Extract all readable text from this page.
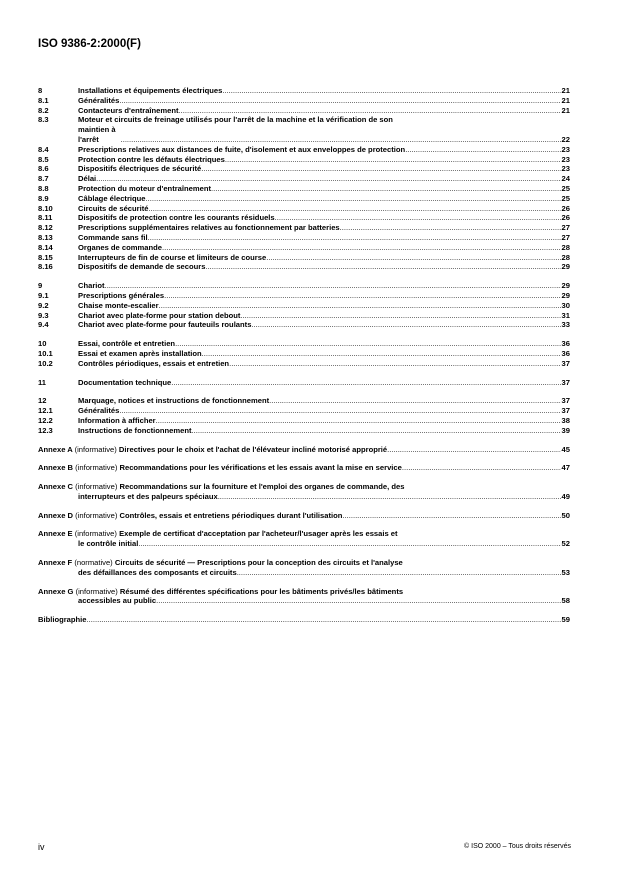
ISO 9386-2:2000(F)
8	Installations et équipements électriques .....	21
8.1	Généralités .....	21
8.2	Contacteurs d'entraînement .....	21
8.3	Moteur et circuits de freinage utilisés pour l'arrêt de la machine et la vérification de son
maintien à l'arrêt .....	22
8.4	Prescriptions relatives aux distances de fuite, d'isolement et aux enveloppes de protection .....	23
8.5	Protection contre les défauts électriques .....	23
8.6	Dispositifs électriques de sécurité .....	23
8.7	Délai .....	24
8.8	Protection du moteur d'entraînement .....	25
8.9	Câblage électrique .....	25
8.10	Circuits de sécurité .....	26
8.11	Dispositifs de protection contre les courants résiduels .....	26
8.12	Prescriptions supplémentaires relatives au fonctionnement par batteries .....	27
8.13	Commande sans fil .....	27
8.14	Organes de commande .....	28
8.15	Interrupteurs de fin de course et limiteurs de course .....	28
8.16	Dispositifs de demande de secours .....	29
9	Chariot .....	29
9.1	Prescriptions générales .....	29
9.2	Chaise monte-escalier .....	30
9.3	Chariot avec plate-forme pour station debout .....	31
9.4	Chariot avec plate-forme pour fauteuils roulants .....	33
10	Essai, contrôle et entretien .....	36
10.1	Essai et examen après installation .....	36
10.2	Contrôles périodiques, essais et entretien .....	37
11	Documentation technique .....	37
12	Marquage, notices et instructions de fonctionnement .....	37
12.1	Généralités .....	37
12.2	Information à afficher .....	38
12.3	Instructions de fonctionnement .....	39
Annexe A (informative) Directives pour le choix et l'achat de l'élévateur incliné motorisé approprié .....	45
Annexe B (informative) Recommandations pour les vérifications et les essais avant la mise en service .....	47
Annexe C (informative) Recommandations sur la fourniture et l'emploi des organes de commande, des
interrupteurs et des palpeurs spéciaux .....	49
Annexe D (informative) Contrôles, essais et entretiens périodiques durant l'utilisation .....	50
Annexe E (informative) Exemple de certificat d'acceptation par l'acheteur/l'usager après les essais et
le contrôle initial .....	52
Annexe F (normative) Circuits de sécurité — Prescriptions pour la conception des circuits et l'analyse
des défaillances des composants et circuits .....	53
Annexe G (informative) Résumé des différentes spécifications pour les bâtiments privés/les bâtiments
accessibles au public .....	58
Bibliographie .....	59
iv	© ISO 2000 – Tous droits réservés
